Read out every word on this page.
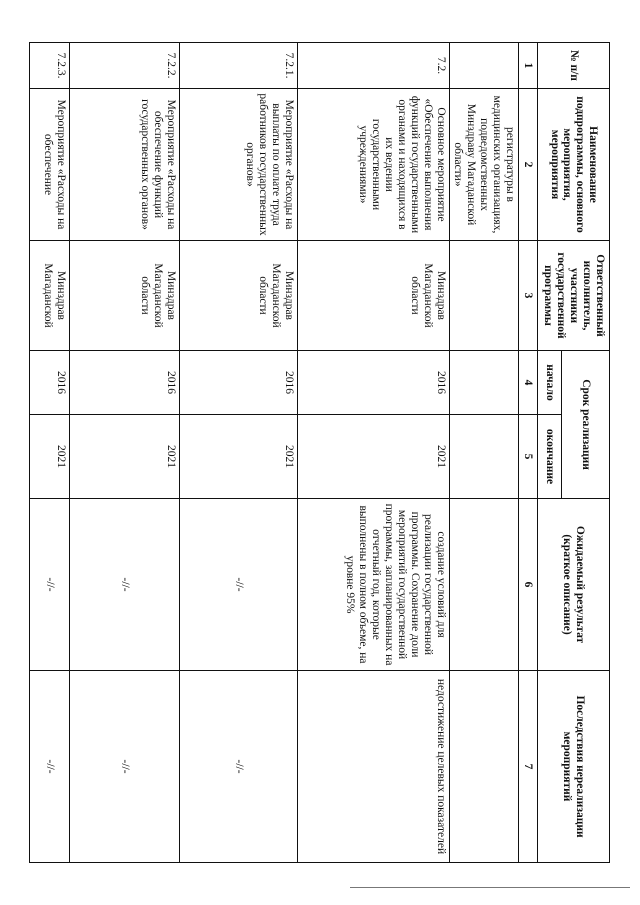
№ п/п	Наименование подпрограммы, основного мероприятия, мероприятия	Ответственный исполнитель, участники государственной программы	Срок реализации		Ожидаемый результат (краткое описание)	Последствия нереализации мероприятий
			начало	окончание		
1	2	3	4	5	6	7
	регистратуры в медицинских организациях, подведомственных Минздраву Магаданской области»					
7.2.	Основное мероприятие «Обеспечение выполнения функций государственными органами и находящихся в их ведении государственными учреждениями»	Минздрав Магаданской области	2016	2021	создание условий для реализации государственной программы. Сохранение доли мероприятий государственной программы, запланированных на отчетный год, которые выполнены в полном объеме, на уровне 95%	недостижение целевых показателей
7.2.1.	Мероприятие «Расходы на выплаты по оплате труда работников государственных органов»	Минздрав Магаданской области	2016	2021	-//-	-//-
7.2.2.	Мероприятие «Расходы на обеспечение функций государственных органов»	Минздрав Магаданской области	2016	2021	-//-	-//-
7.2.3.	Мероприятие «Расходы на обеспечение	Минздрав Магаданской	2016	2021	-//-	-//-
